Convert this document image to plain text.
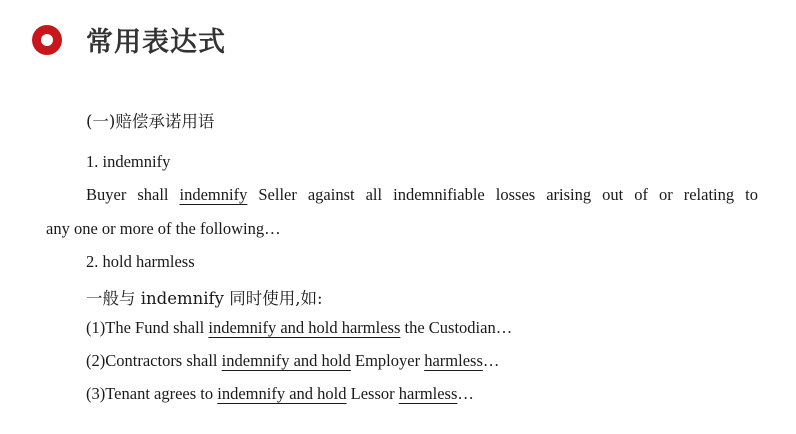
常用表达式
(一)赔偿承诺用语
1. indemnify
Buyer shall indemnify Seller against all indemnifiable losses arising out of or relating to
any one or more of the following…
2. hold harmless
一般与 indemnify 同时使用,如:
(1)The Fund shall indemnify and hold harmless the Custodian…
(2)Contractors shall indemnify and hold Employer harmless…
(3)Tenant agrees to indemnify and hold Lessor harmless…
